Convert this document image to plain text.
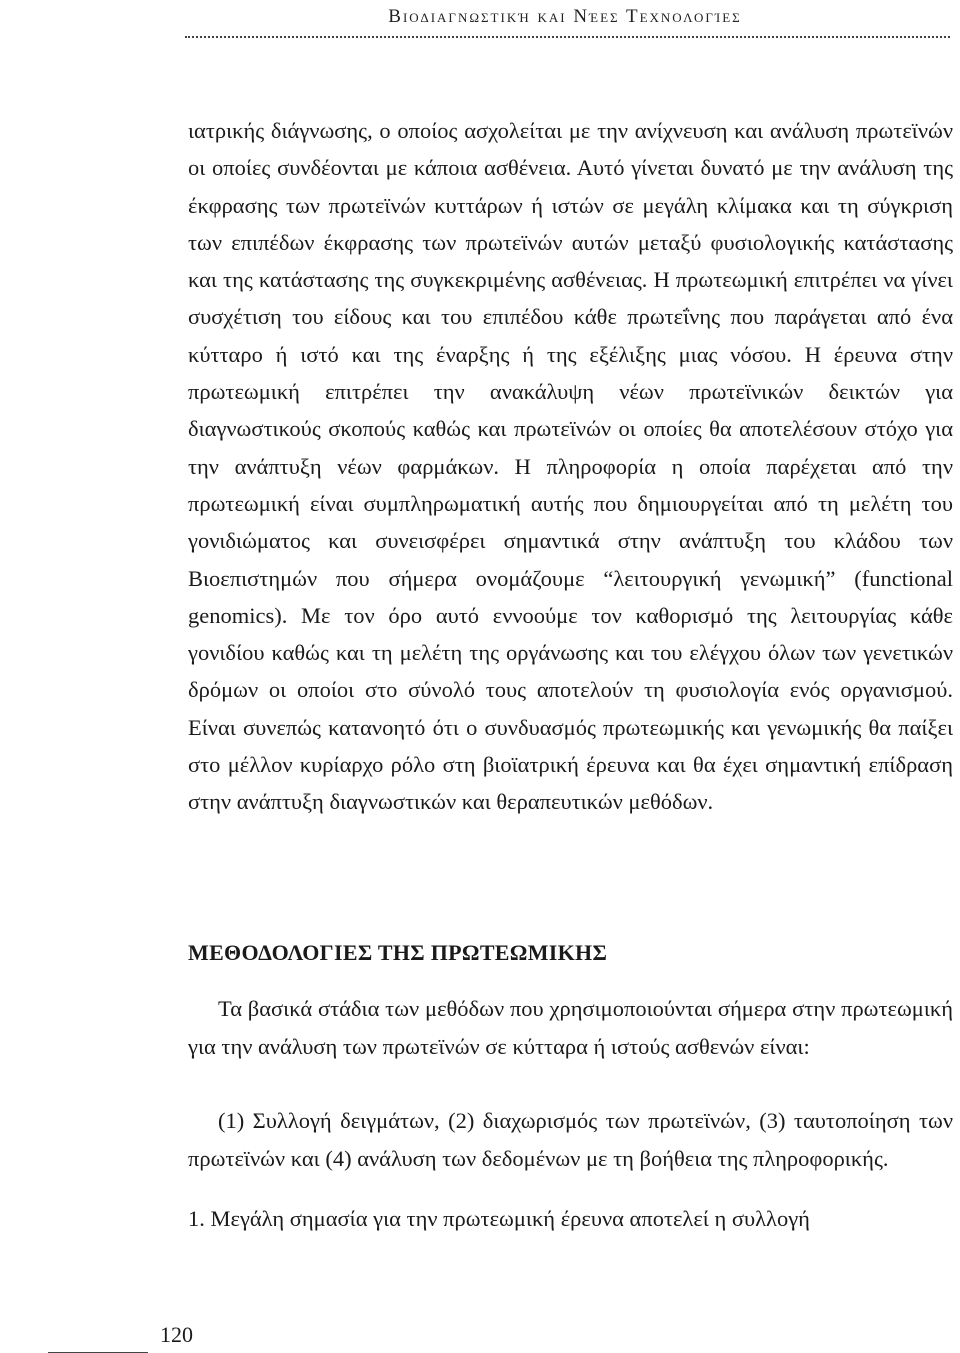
Βιοδιαγνωστική και Νέες Τεχνολογίες

ιατρικής διάγνωσης, ο οποίος ασχολείται με την ανίχνευση και ανάλυση πρωτεϊνών οι οποίες συνδέονται με κάποια ασθένεια. Αυτό γίνεται δυνατό με την ανάλυση της έκφρασης των πρωτεϊνών κυττάρων ή ιστών σε μεγάλη κλίμακα και τη σύγκριση των επιπέδων έκφρασης των πρωτεϊνών αυτών μεταξύ φυσιολογικής κατάστασης και της κατάστασης της συγκεκριμένης ασθένειας. Η πρωτεωμική επιτρέπει να γίνει συσχέτιση του είδους και του επιπέδου κάθε πρωτεΐνης που παράγεται από ένα κύτταρο ή ιστό και της έναρξης ή της εξέλιξης μιας νόσου. Η έρευνα στην πρωτεωμική επιτρέπει την ανακάλυψη νέων πρωτεϊνικών δεικτών για διαγνωστικούς σκοπούς καθώς και πρωτεϊνών οι οποίες θα αποτελέσουν στόχο για την ανάπτυξη νέων φαρμάκων. Η πληροφορία η οποία παρέχεται από την πρωτεωμική είναι συμπληρωματική αυτής που δημιουργείται από τη μελέτη του γονιδιώματος και συνεισφέρει σημαντικά στην ανάπτυξη του κλάδου των Βιοεπιστημών που σήμερα ονομάζουμε “λειτουργική γενωμική” (functional genomics). Με τον όρο αυτό εννοούμε τον καθορισμό της λειτουργίας κάθε γονιδίου καθώς και τη μελέτη της οργάνωσης και του ελέγχου όλων των γενετικών δρόμων οι οποίοι στο σύνολό τους αποτελούν τη φυσιολογία ενός οργανισμού. Είναι συνεπώς κατανοητό ότι ο συνδυασμός πρωτεωμικής και γενωμικής θα παίξει στο μέλλον κυρίαρχο ρόλο στη βιοϊατρική έρευνα και θα έχει σημαντική επίδραση στην ανάπτυξη διαγνωστικών και θεραπευτικών μεθόδων.

ΜΕΘΟΔΟΛΟΓΙΕΣ ΤΗΣ ΠΡΩΤΕΩΜΙΚΗΣ

Τα βασικά στάδια των μεθόδων που χρησιμοποιούνται σήμερα στην πρωτεωμική για την ανάλυση των πρωτεϊνών σε κύτταρα ή ιστούς ασθενών είναι:

(1) Συλλογή δειγμάτων, (2) διαχωρισμός των πρωτεϊνών, (3) ταυτοποίηση των πρωτεϊνών και (4) ανάλυση των δεδομένων με τη βοήθεια της πληροφορικής.

1. Μεγάλη σημασία για την πρωτεωμική έρευνα αποτελεί η συλλογή

120
